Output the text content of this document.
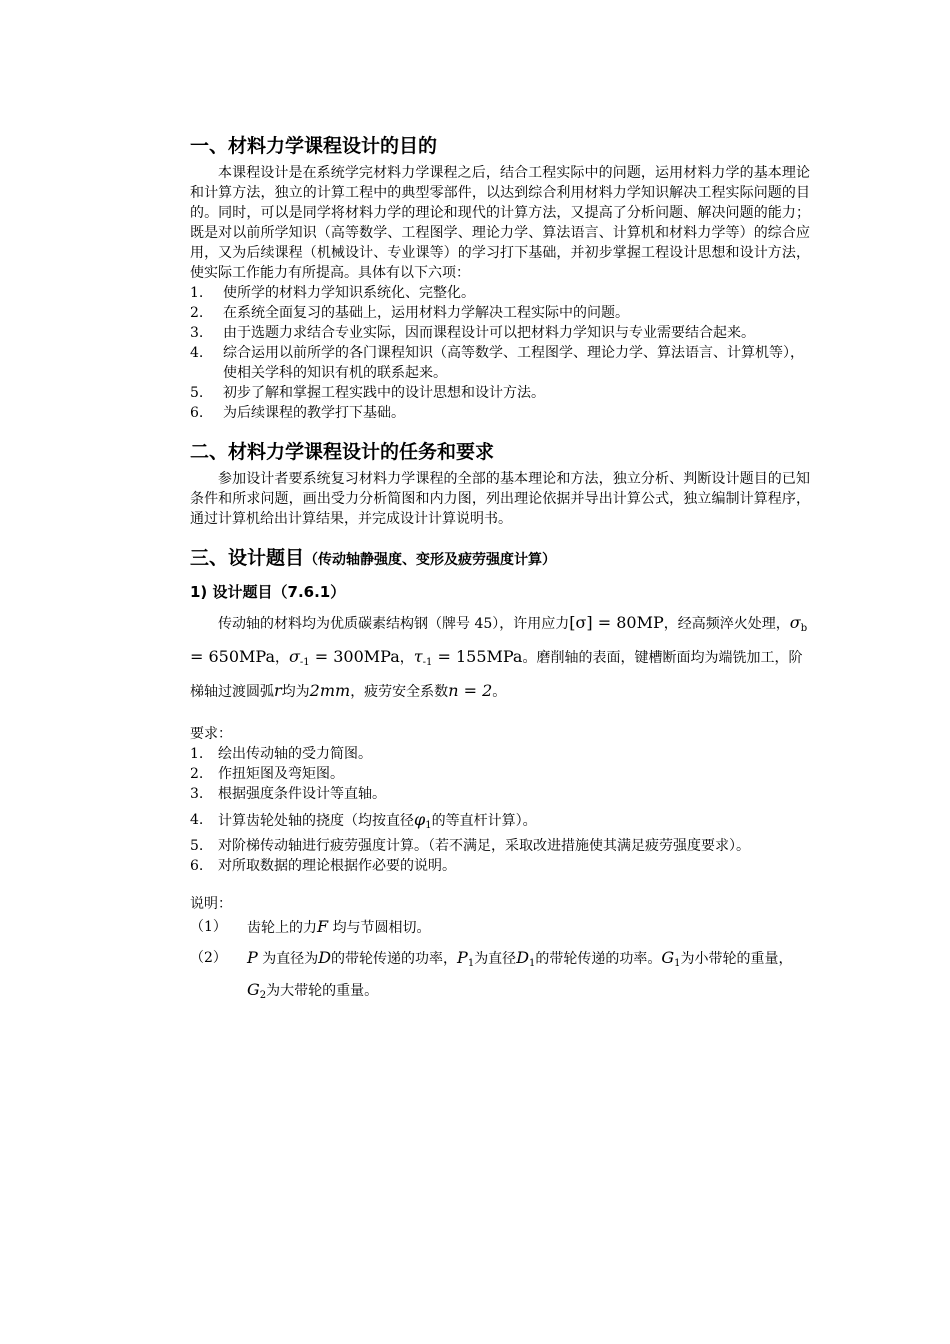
一、材料力学课程设计的目的

本课程设计是在系统学完材料力学课程之后，结合工程实际中的问题，运用材料力学的基本理论和计算方法，独立的计算工程中的典型零部件，以达到综合利用材料力学知识解决工程实际问题的目的。同时，可以是同学将材料力学的理论和现代的计算方法，又提高了分析问题、解决问题的能力；既是对以前所学知识（高等数学、工程图学、理论力学、算法语言、计算机和材料力学等）的综合应用，又为后续课程（机械设计、专业课等）的学习打下基础，并初步掌握工程设计思想和设计方法，使实际工作能力有所提高。具体有以下六项：

1.	使所学的材料力学知识系统化、完整化。
2.	在系统全面复习的基础上，运用材料力学解决工程实际中的问题。
3.	由于选题力求结合专业实际，因而课程设计可以把材料力学知识与专业需要结合起来。
4.	综合运用以前所学的各门课程知识（高等数学、工程图学、理论力学、算法语言、计算机等），使相关学科的知识有机的联系起来。
5.	初步了解和掌握工程实践中的设计思想和设计方法。
6.	为后续课程的教学打下基础。
二、材料力学课程设计的任务和要求

参加设计者要系统复习材料力学课程的全部的基本理论和方法，独立分析、判断设计题目的已知条件和所求问题，画出受力分析简图和内力图，列出理论依据并导出计算公式，独立编制计算程序，通过计算机给出计算结果，并完成设计计算说明书。

三、设计题目（传动轴静强度、变形及疲劳强度计算）
1) 设计题目（7.6.1）

传动轴的材料均为优质碳素结构钢（牌号 45），许用应力[σ] = 80MP，经高频淬火处理，σb = 650MPa，σ-1 = 300MPa，τ-1 = 155MPa。磨削轴的表面，键槽断面均为端铣加工，阶梯轴过渡圆弧r均为2mm，疲劳安全系数n = 2。

要求：

1.	绘出传动轴的受力简图。
2.	作扭矩图及弯矩图。
3.	根据强度条件设计等直轴。
4.	计算齿轮处轴的挠度（均按直径φ1的等直杆计算）。
5.	对阶梯传动轴进行疲劳强度计算。（若不满足，采取改进措施使其满足疲劳强度要求）。
6.	对所取数据的理论根据作必要的说明。

说明：

（1）	齿轮上的力F 均与节圆相切。
（2）	P 为直径为D的带轮传递的功率，P1为直径D1的带轮传递的功率。G1为小带轮的重量，G2为大带轮的重量。
